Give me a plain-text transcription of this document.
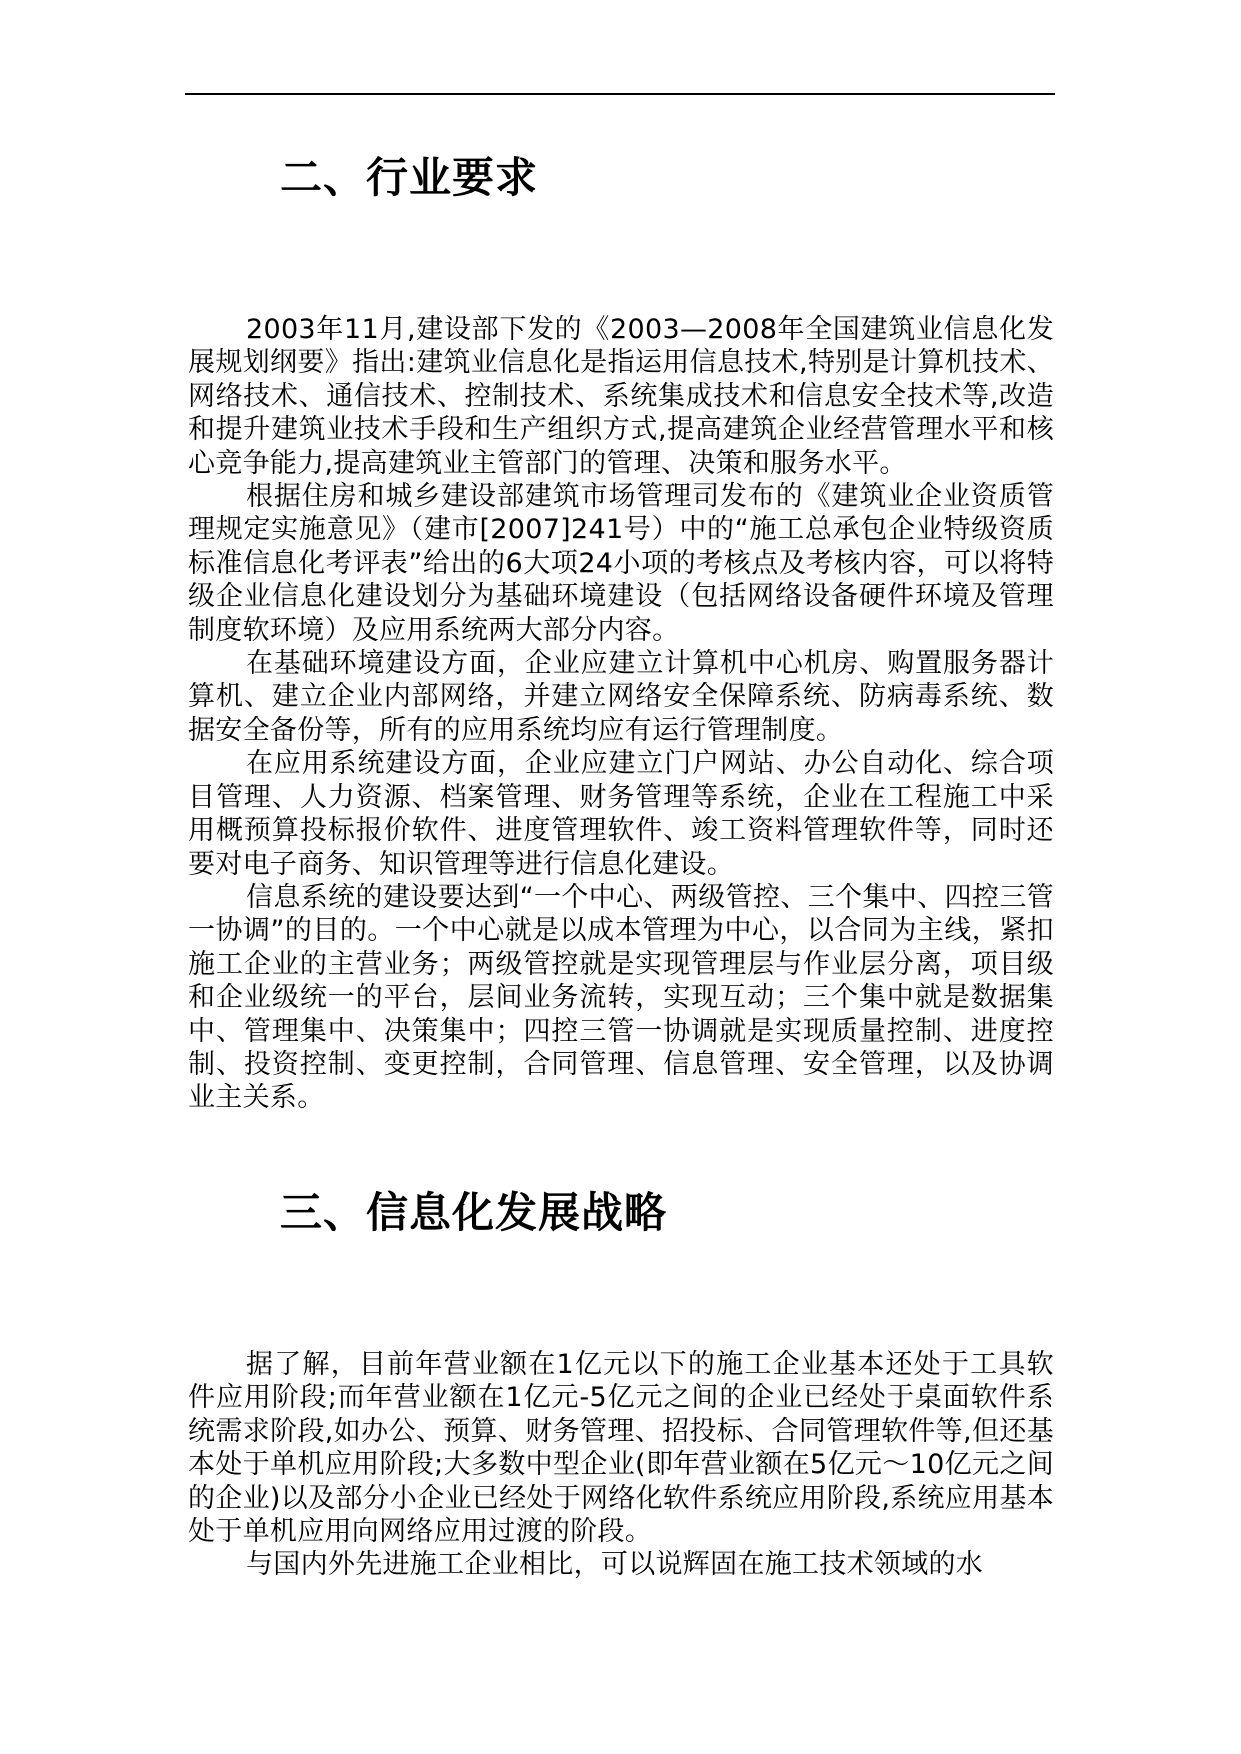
二、行业要求

2003年11月,建设部下发的《2003—2008年全国建筑业信息化发展规划纲要》指出:建筑业信息化是指运用信息技术,特别是计算机技术、网络技术、通信技术、控制技术、系统集成技术和信息安全技术等,改造和提升建筑业技术手段和生产组织方式,提高建筑企业经营管理水平和核心竞争能力,提高建筑业主管部门的管理、决策和服务水平。

根据住房和城乡建设部建筑市场管理司发布的《建筑业企业资质管理规定实施意见》（建市[2007]241号）中的“施工总承包企业特级资质标准信息化考评表”给出的6大项24小项的考核点及考核内容，可以将特级企业信息化建设划分为基础环境建设（包括网络设备硬件环境及管理制度软环境）及应用系统两大部分内容。

在基础环境建设方面，企业应建立计算机中心机房、购置服务器计算机、建立企业内部网络，并建立网络安全保障系统、防病毒系统、数据安全备份等，所有的应用系统均应有运行管理制度。

在应用系统建设方面，企业应建立门户网站、办公自动化、综合项目管理、人力资源、档案管理、财务管理等系统，企业在工程施工中采用概预算投标报价软件、进度管理软件、竣工资料管理软件等，同时还要对电子商务、知识管理等进行信息化建设。

信息系统的建设要达到“一个中心、两级管控、三个集中、四控三管一协调”的目的。一个中心就是以成本管理为中心，以合同为主线，紧扣施工企业的主营业务；两级管控就是实现管理层与作业层分离，项目级和企业级统一的平台，层间业务流转，实现互动；三个集中就是数据集中、管理集中、决策集中；四控三管一协调就是实现质量控制、进度控制、投资控制、变更控制，合同管理、信息管理、安全管理，以及协调业主关系。

三、信息化发展战略

据了解，目前年营业额在1亿元以下的施工企业基本还处于工具软件应用阶段;而年营业额在1亿元-5亿元之间的企业已经处于桌面软件系统需求阶段,如办公、预算、财务管理、招投标、合同管理软件等,但还基本处于单机应用阶段;大多数中型企业(即年营业额在5亿元～10亿元之间的企业)以及部分小企业已经处于网络化软件系统应用阶段,系统应用基本处于单机应用向网络应用过渡的阶段。

与国内外先进施工企业相比，可以说辉固在施工技术领域的水
